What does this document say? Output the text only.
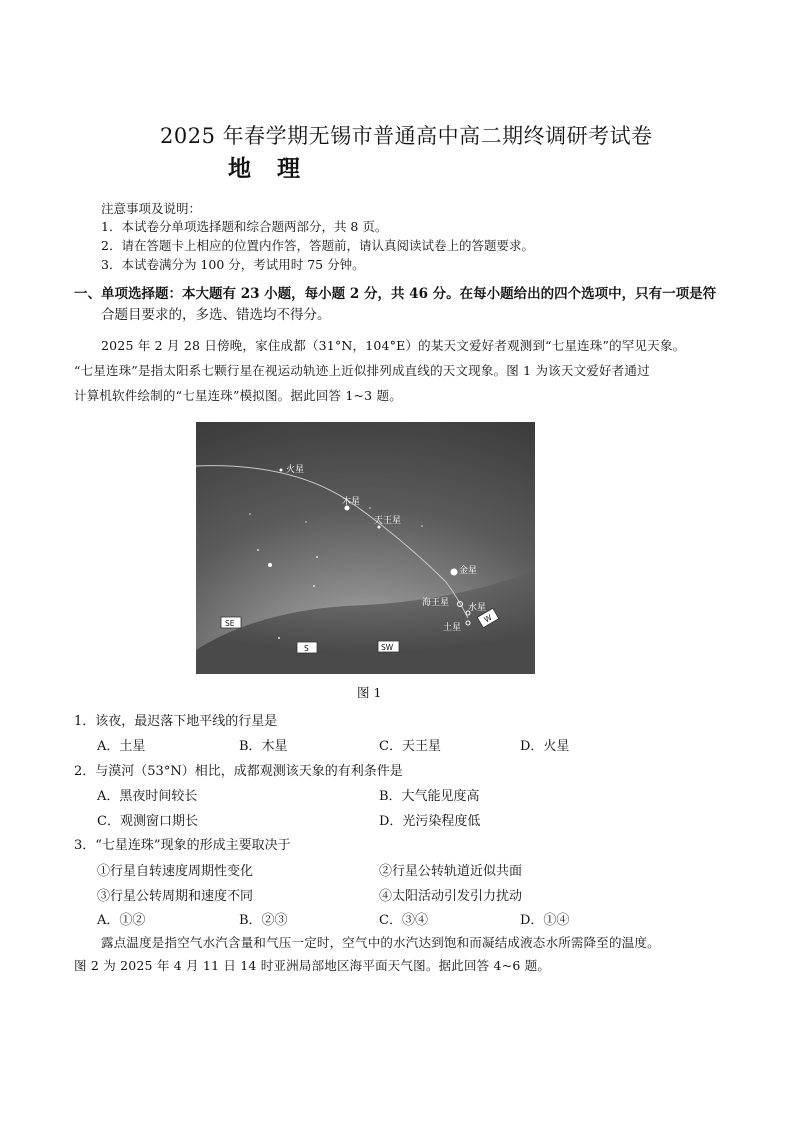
2025 年春学期无锡市普通高中高二期终调研考试卷
地理
注意事项及说明：
1．本试卷分单项选择题和综合题两部分，共 8 页。
2．请在答题卡上相应的位置内作答，答题前，请认真阅读试卷上的答题要求。
3．本试卷满分为 100 分，考试用时 75 分钟。
一、单项选择题：本大题有 23 小题，每小题 2 分，共 46 分。在每小题给出的四个选项中，只有一项是符
合题目要求的，多选、错选均不得分。
2025 年 2 月 28 日傍晚，家住成都（31°N，104°E）的某天文爱好者观测到“七星连珠”的罕见天象。
“七星连珠”是指太阳系七颗行星在视运动轨迹上近似排列成直线的天文现象。图 1 为该天文爱好者通过
计算机软件绘制的“七星连珠”模拟图。据此回答 1~3 题。
火星
木星
天王星
金星
海王星 水星
土星
SE
S	SW
W
图 1
1．该夜，最迟落下地平线的行星是
A．土星	B．木星	C．天王星	D．火星
2．与漠河（53°N）相比，成都观测该天象的有利条件是
A．黑夜时间较长	B．大气能见度高
C．观测窗口期长	D．光污染程度低
3．“七星连珠”现象的形成主要取决于
①行星自转速度周期性变化	②行星公转轨道近似共面
③行星公转周期和速度不同	④太阳活动引发引力扰动
A．①②	B．②③	C．③④	D．①④
露点温度是指空气水汽含量和气压一定时，空气中的水汽达到饱和而凝结成液态水所需降至的温度。
图 2 为 2025 年 4 月 11 日 14 时亚洲局部地区海平面天气图。据此回答 4~6 题。
